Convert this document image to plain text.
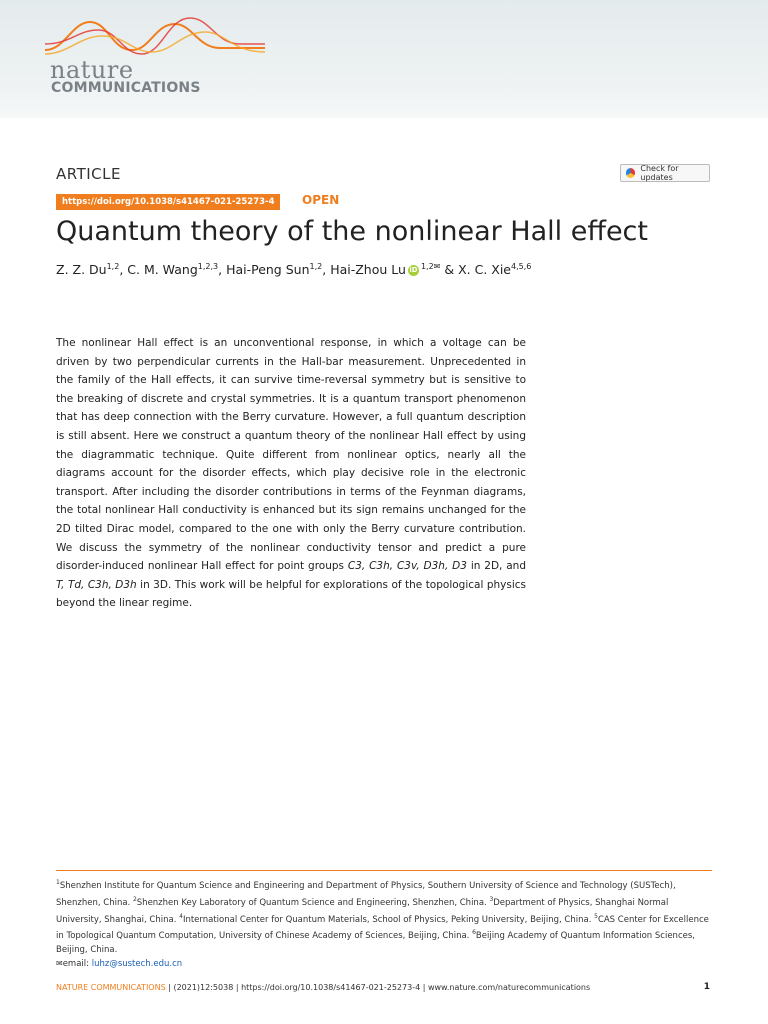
nature
COMMUNICATIONS
ARTICLE	Check for updates
https://doi.org/10.1038/s41467-021-25273-4	OPEN
Quantum theory of the nonlinear Hall effect
Z. Z. Du$^{1,2}$, C. M. Wang$^{1,2,3}$, Hai-Peng Sun$^{1,2}$, Hai-Zhou Lu iD $^{1,2✉}$ & X. C. Xie$^{4,5,6}$

The nonlinear Hall effect is an unconventional response, in which a voltage can be driven by two perpendicular currents in the Hall-bar measurement. Unprecedented in the family of the Hall effects, it can survive time-reversal symmetry but is sensitive to the breaking of discrete and crystal symmetries. It is a quantum transport phenomenon that has deep connection with the Berry curvature. However, a full quantum description is still absent. Here we construct a quantum theory of the nonlinear Hall effect by using the diagrammatic technique. Quite different from nonlinear optics, nearly all the diagrams account for the disorder effects, which play decisive role in the electronic transport. After including the disorder contributions in terms of the Feynman diagrams, the total nonlinear Hall conductivity is enhanced but its sign remains unchanged for the 2D tilted Dirac model, compared to the one with only the Berry curvature contribution. We discuss the symmetry of the nonlinear conductivity tensor and predict a pure disorder-induced nonlinear Hall effect for point groups C3, C3h, C3v, D3h, D3 in 2D, and T, Td, C3h, D3h in 3D. This work will be helpful for explorations of the topological physics beyond the linear regime.

$^1$Shenzhen Institute for Quantum Science and Engineering and Department of Physics, Southern University of Science and Technology (SUSTech), Shenzhen, China. $^2$Shenzhen Key Laboratory of Quantum Science and Engineering, Shenzhen, China. $^3$Department of Physics, Shanghai Normal University, Shanghai, China. $^4$International Center for Quantum Materials, School of Physics, Peking University, Beijing, China. $^5$CAS Center for Excellence in Topological Quantum Computation, University of Chinese Academy of Sciences, Beijing, China. $^6$Beijing Academy of Quantum Information Sciences, Beijing, China.
✉email: luhz@sustech.edu.cn

NATURE COMMUNICATIONS | (2021)12:5038 | https://doi.org/10.1038/s41467-021-25273-4 | www.nature.com/naturecommunications	1
